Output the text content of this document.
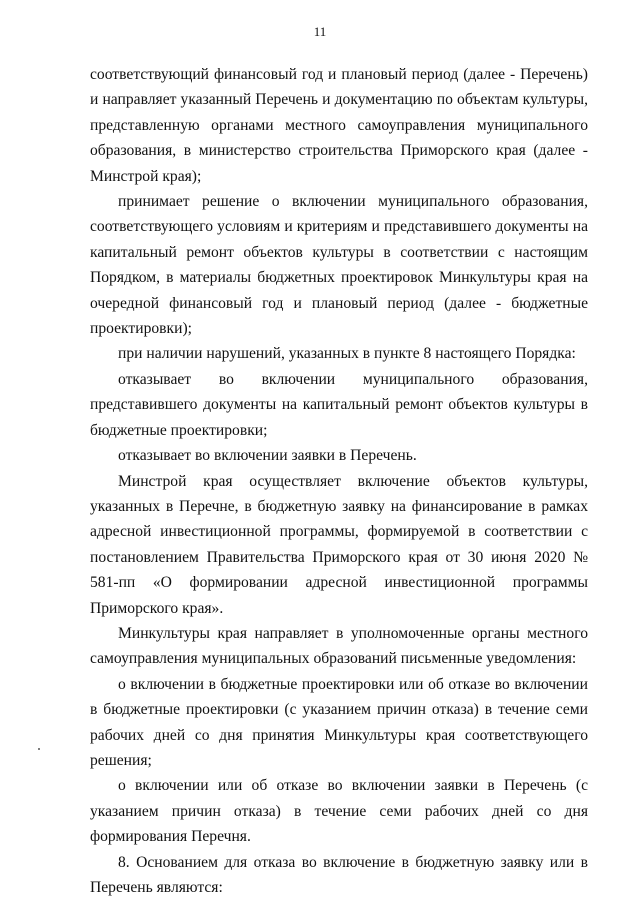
11

соответствующий финансовый год и плановый период (далее - Перечень) и направляет указанный Перечень и документацию по объектам культуры, представленную органами местного самоуправления муниципального образования, в министерство строительства Приморского края (далее - Минстрой края);

принимает решение о включении муниципального образования, соответствующего условиям и критериям и представившего документы на капитальный ремонт объектов культуры в соответствии с настоящим Порядком, в материалы бюджетных проектировок Минкультуры края на очередной финансовый год и плановый период (далее - бюджетные проектировки);

при наличии нарушений, указанных в пункте 8 настоящего Порядка:

отказывает во включении муниципального образования, представившего документы на капитальный ремонт объектов культуры в бюджетные проектировки;

отказывает во включении заявки в Перечень.

Минстрой края осуществляет включение объектов культуры, указанных в Перечне, в бюджетную заявку на финансирование в рамках адресной инвестиционной программы, формируемой в соответствии с постановлением Правительства Приморского края от 30 июня 2020 № 581-пп «О формировании адресной инвестиционной программы Приморского края».

Минкультуры края направляет в уполномоченные органы местного самоуправления муниципальных образований письменные уведомления:

о включении в бюджетные проектировки или об отказе во включении в бюджетные проектировки (с указанием причин отказа) в течение семи рабочих дней со дня принятия Минкультуры края соответствующего решения;

о включении или об отказе во включении заявки в Перечень (с указанием причин отказа) в течение семи рабочих дней со дня формирования Перечня.

8. Основанием для отказа во включение в бюджетную заявку или в Перечень являются:
